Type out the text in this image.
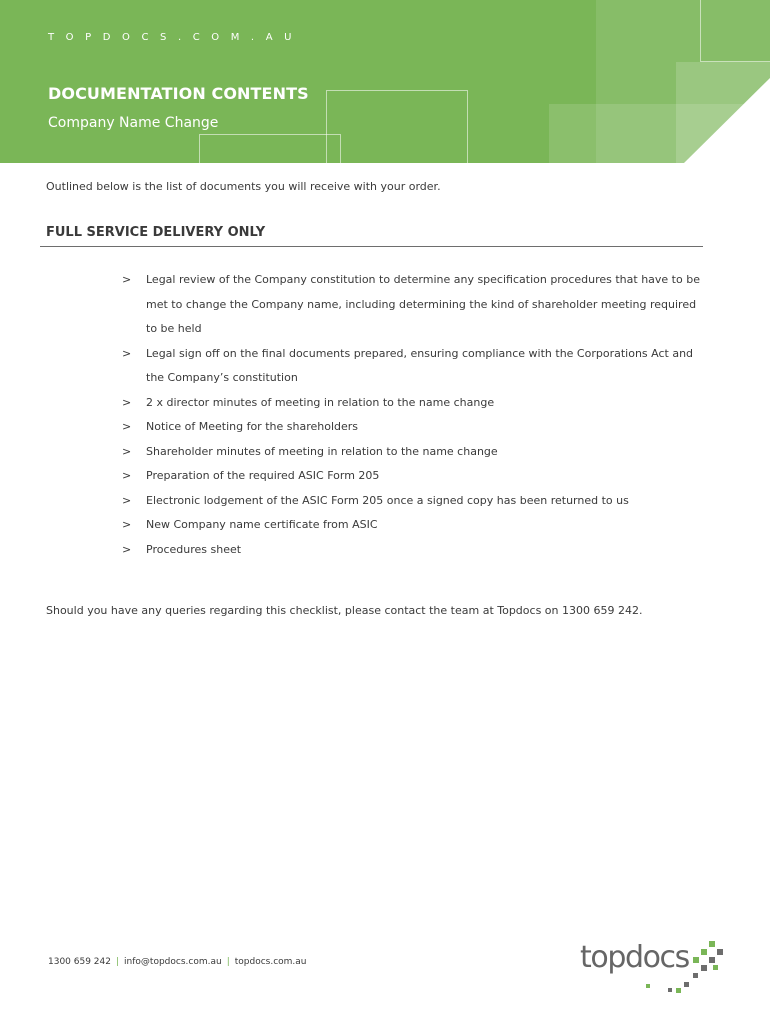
T O P D O C S . C O M . A U
DOCUMENTATION CONTENTS
Company Name Change
Outlined below is the list of documents you will receive with your order.
FULL SERVICE DELIVERY ONLY
> Legal review of the Company constitution to determine any specification procedures that have to be met to change the Company name, including determining the kind of shareholder meeting required to be held
> Legal sign off on the final documents prepared, ensuring compliance with the Corporations Act and the Company’s constitution
> 2 x director minutes of meeting in relation to the name change
> Notice of Meeting for the shareholders
> Shareholder minutes of meeting in relation to the name change
> Preparation of the required ASIC Form 205
> Electronic lodgement of the ASIC Form 205 once a signed copy has been returned to us
> New Company name certificate from ASIC
> Procedures sheet
Should you have any queries regarding this checklist, please contact the team at Topdocs on 1300 659 242.
1300 659 242 | info@topdocs.com.au | topdocs.com.au	topdocs
